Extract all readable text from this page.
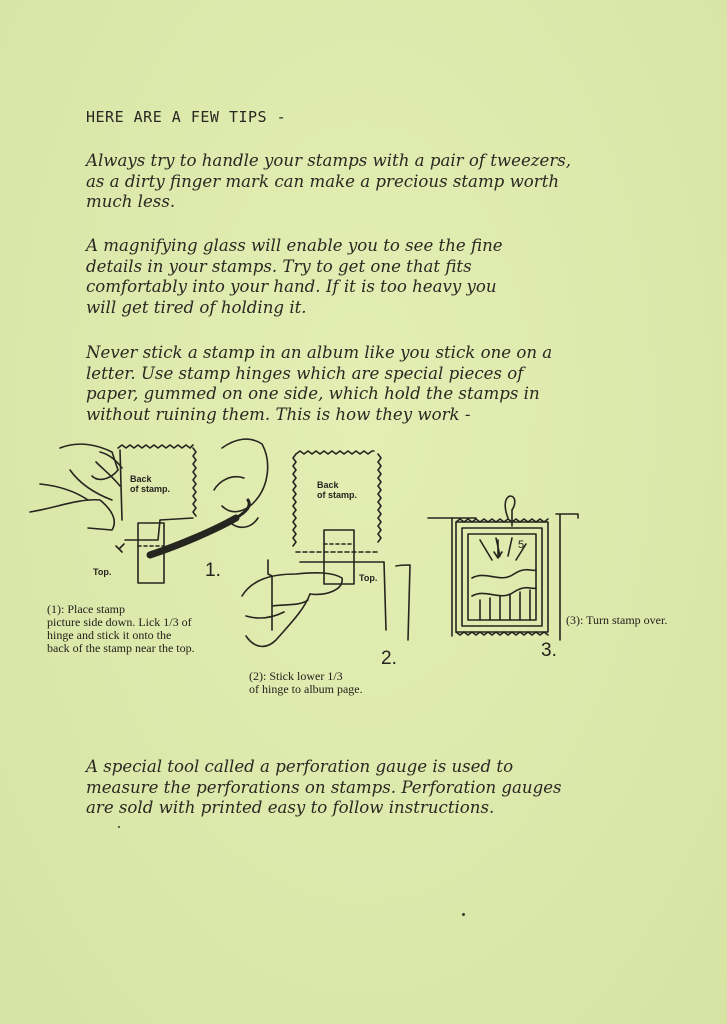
HERE ARE A FEW TIPS -

Always try to handle your stamps with a pair of tweezers,
as a dirty finger mark can make a precious stamp worth
much less.

A magnifying glass will enable you to see the fine
details in your stamps. Try to get one that fits
comfortably into your hand. If it is too heavy you
will get tired of holding it.

Never stick a stamp in an album like you stick one on a
letter. Use stamp hinges which are special pieces of
paper, gummed on one side, which hold the stamps in
without ruining them. This is how they work -

5
Back
of stamp.	Back
of stamp.
Top.
Top.
1.
2.	3.

(1): Place stamp
picture side down. Lick 1/3 of
hinge and stick it onto the
back of the stamp near the top.

(2): Stick lower 1/3
of hinge to album page.

(3): Turn stamp over.

A special tool called a perforation gauge is used to
measure the perforations on stamps. Perforation gauges
are sold with printed easy to follow instructions.
